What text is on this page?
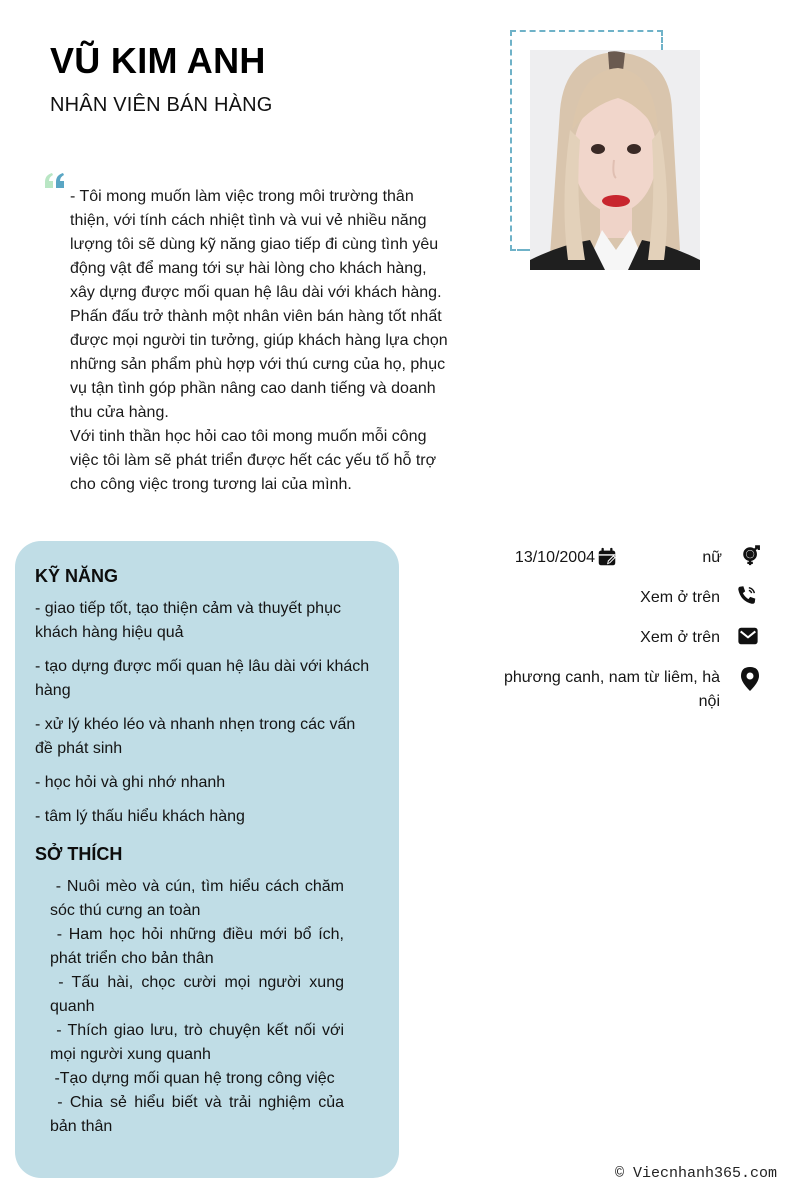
VŨ KIM ANH
NHÂN VIÊN BÁN HÀNG

- Tôi mong muốn làm việc trong môi trường thân thiện, với tính cách nhiệt tình và vui vẻ nhiều năng lượng tôi sẽ dùng kỹ năng giao tiếp đi cùng tình yêu động vật để mang tới sự hài lòng cho khách hàng, xây dựng được mối quan hệ lâu dài với khách hàng.

Phấn đấu trở thành một nhân viên bán hàng tốt nhất được mọi người tin tưởng, giúp khách hàng lựa chọn những sản phẩm phù hợp với thú cưng của họ, phục vụ tận tình góp phần nâng cao danh tiếng và doanh thu cửa hàng.

Với tinh thần học hỏi cao tôi mong muốn mỗi công việc tôi làm sẽ phát triển được hết các yếu tố hỗ trợ cho công việc trong tương lai của mình.

13/10/2004	nữ
Xem ở trên
Xem ở trên
phương canh, nam từ liêm, hà nội
KỸ NĂNG
- giao tiếp tốt, tạo thiện cảm và thuyết phục khách hàng hiệu quả
- tạo dựng được mối quan hệ lâu dài với khách hàng
- xử lý khéo léo và nhanh nhẹn trong các vấn đề phát sinh
- học hỏi và ghi nhớ nhanh
- tâm lý thấu hiểu khách hàng
SỞ THÍCH
- Nuôi mèo và cún, tìm hiểu cách chăm sóc thú cưng an toàn
- Ham học hỏi những điều mới bổ ích, phát triển cho bản thân
- Tấu hài, chọc cười mọi người xung quanh
- Thích giao lưu, trò chuyện kết nối với mọi người xung quanh
-Tạo dựng mối quan hệ trong công việc
- Chia sẻ hiểu biết và trải nghiệm của bản thân
© Viecnhanh365.com
